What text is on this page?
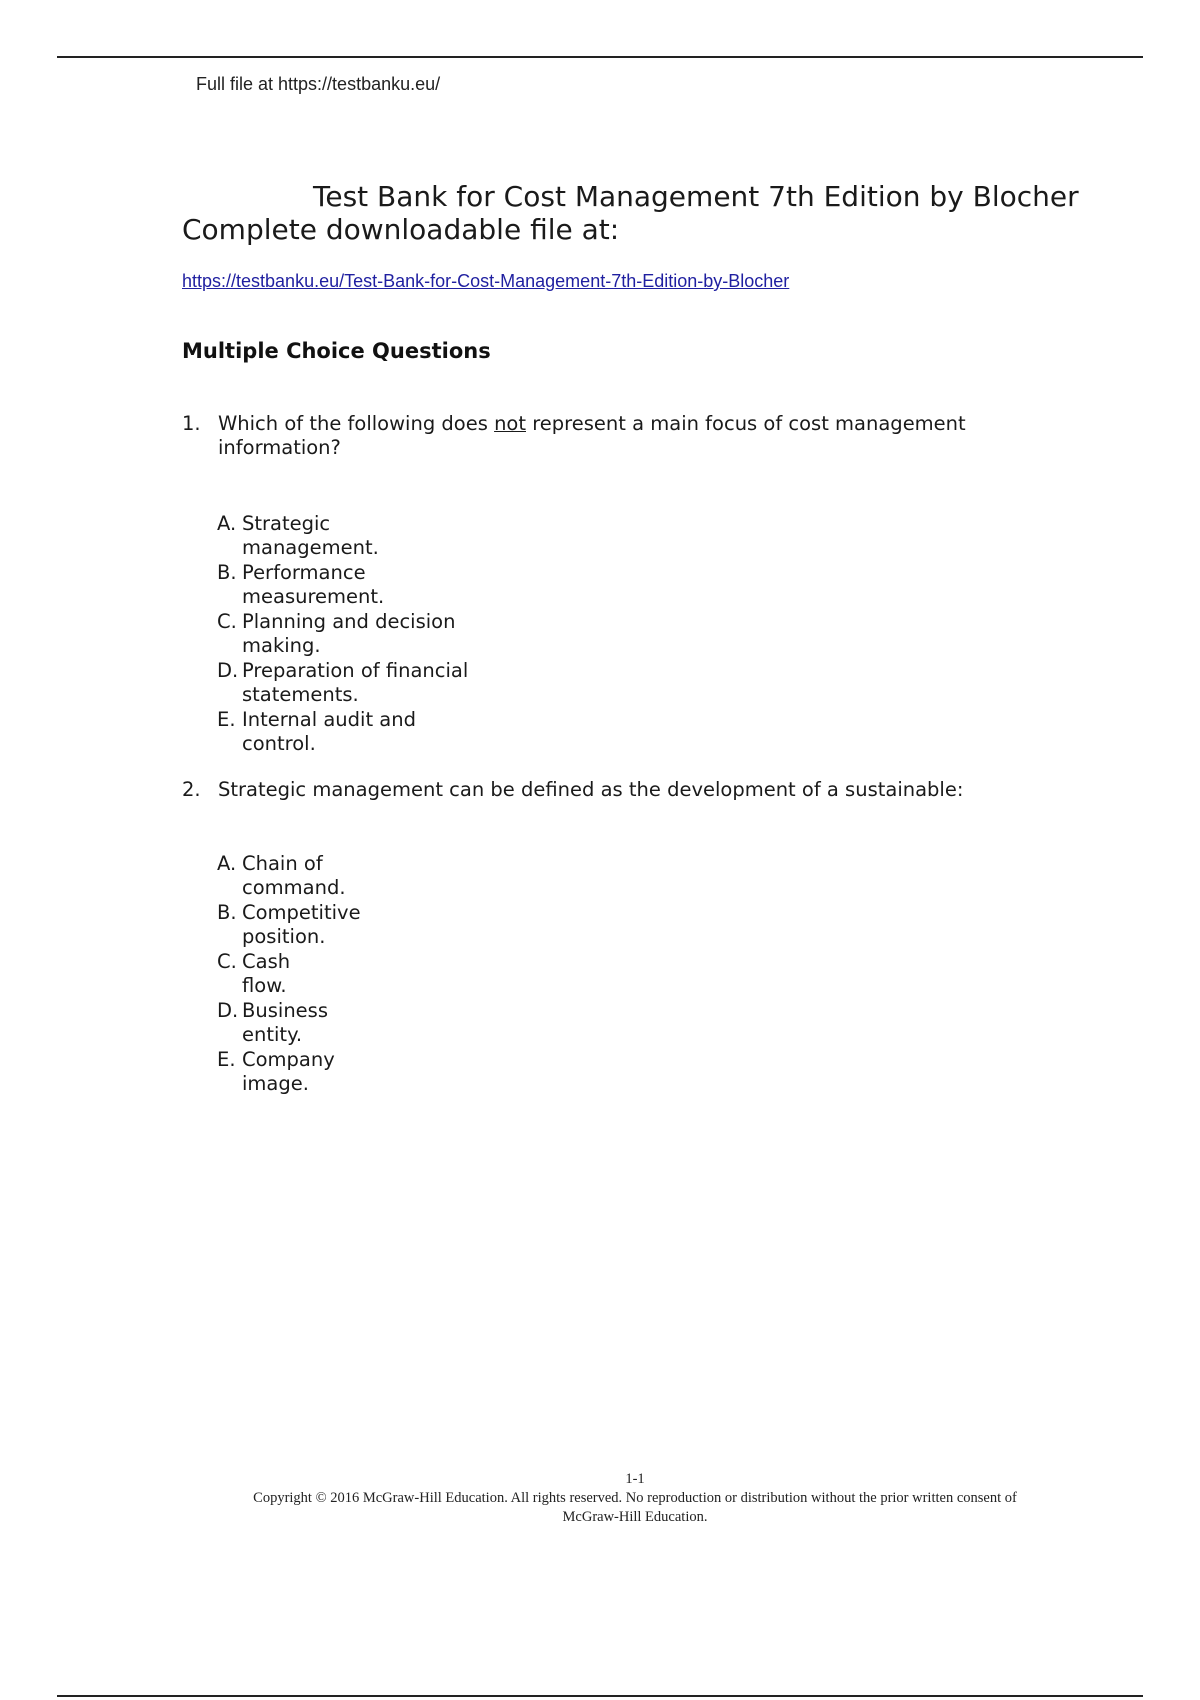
Full file at https://testbanku.eu/
Test Bank for Cost Management 7th Edition by Blocher
Complete downloadable file at:
https://testbanku.eu/Test-Bank-for-Cost-Management-7th-Edition-by-Blocher
Multiple Choice Questions
1. Which of the following does not represent a main focus of cost management information?
A. Strategic
management.
B. Performance
measurement.
C. Planning and decision
making.
D. Preparation of financial
statements.
E. Internal audit and
control.
2. Strategic management can be defined as the development of a sustainable:
A. Chain of
command.
B. Competitive
position.
C. Cash
flow.
D. Business
entity.
E. Company
image.
1-1
Copyright © 2016 McGraw-Hill Education. All rights reserved. No reproduction or distribution without the prior written consent of
McGraw-Hill Education.
